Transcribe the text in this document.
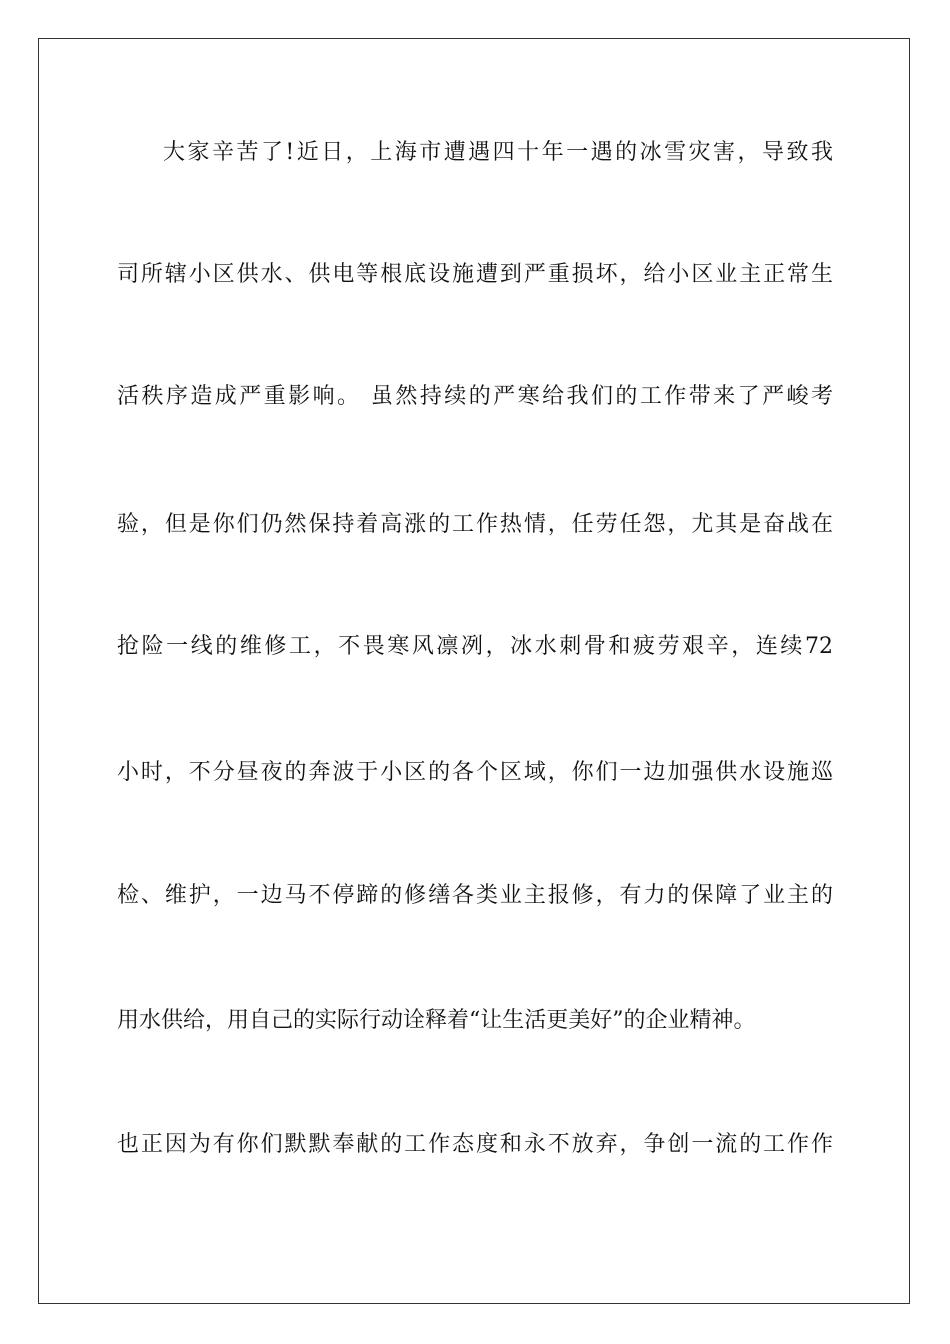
大家辛苦了!近日，上海市遭遇四十年一遇的冰雪灾害，导致我
司所辖小区供水、供电等根底设施遭到严重损坏，给小区业主正常生
活秩序造成严重影响。 虽然持续的严寒给我们的工作带来了严峻考
验，但是你们仍然保持着高涨的工作热情，任劳任怨，尤其是奋战在
抢险一线的维修工，不畏寒风凛冽，冰水刺骨和疲劳艰辛，连续72
小时，不分昼夜的奔波于小区的各个区域，你们一边加强供水设施巡
检、维护，一边马不停蹄的修缮各类业主报修，有力的保障了业主的
用水供给，用自己的实际行动诠释着“让生活更美好”的企业精神。
也正因为有你们默默奉献的工作态度和永不放弃，争创一流的工作作
